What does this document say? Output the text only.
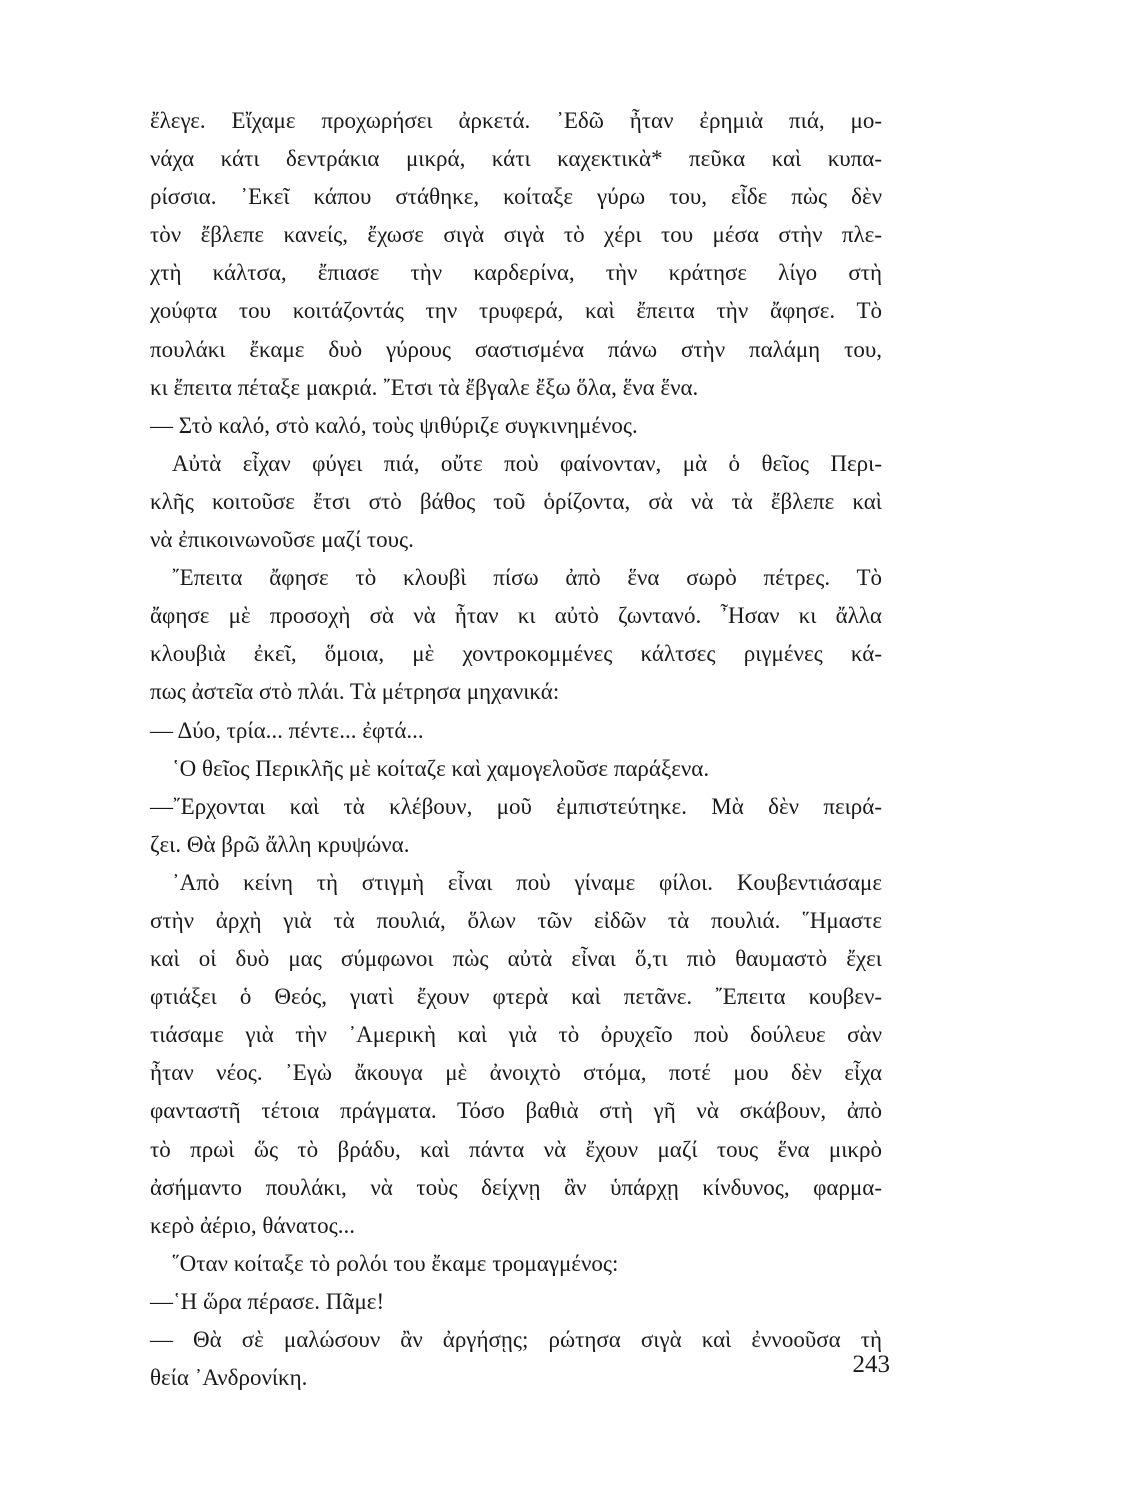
ἔλεγε. Εἴχαμε προχωρήσει ἀρκετά. ᾿Εδῶ ἦταν ἐρημιὰ πιά, μο-
νάχα κάτι δεντράκια μικρά, κάτι καχεκτικὰ* πεῦκα καὶ κυπα-
ρίσσια. ᾿Εκεῖ κάπου στάθηκε, κοίταξε γύρω του, εἶδε πὼς δὲν
τὸν ἔβλεπε κανείς, ἔχωσε σιγὰ σιγὰ τὸ χέρι του μέσα στὴν πλε-
χτὴ κάλτσα, ἔπιασε τὴν καρδερίνα, τὴν κράτησε λίγο στὴ
χούφτα του κοιτάζοντάς την τρυφερά, καὶ ἔπειτα τὴν ἄφησε. Τὸ
πουλάκι ἔκαμε δυὸ γύρους σαστισμένα πάνω στὴν παλάμη του,
κι ἔπειτα πέταξε μακριά. ῎Ετσι τὰ ἔβγαλε ἔξω ὅλα, ἕνα ἕνα.
— Στὸ καλό, στὸ καλό, τοὺς ψιθύριζε συγκινημένος.
Αὐτὰ εἶχαν φύγει πιά, οὔτε ποὺ φαίνονταν, μὰ ὁ θεῖος Περι-
κλῆς κοιτοῦσε ἔτσι στὸ βάθος τοῦ ὁρίζοντα, σὰ νὰ τὰ ἔβλεπε καὶ
νὰ ἐπικοινωνοῦσε μαζί τους.
῎Επειτα ἄφησε τὸ κλουβὶ πίσω ἀπὸ ἕνα σωρὸ πέτρες. Τὸ
ἄφησε μὲ προσοχὴ σὰ νὰ ἦταν κι αὐτὸ ζωντανό. ῏Ησαν κι ἄλλα
κλουβιὰ ἐκεῖ, ὅμοια, μὲ χοντροκομμένες κάλτσες ριγμένες κά-
πως ἀστεῖα στὸ πλάι. Τὰ μέτρησα μηχανικά:
— Δύο, τρία... πέντε... ἐφτά...
῾Ο θεῖος Περικλῆς μὲ κοίταζε καὶ χαμογελοῦσε παράξενα.
—῎Ερχονται καὶ τὰ κλέβουν, μοῦ ἐμπιστεύτηκε. Μὰ δὲν πειρά-
ζει. Θὰ βρῶ ἄλλη κρυψώνα.
᾿Απὸ κείνη τὴ στιγμὴ εἶναι ποὺ γίναμε φίλοι. Κουβεντιάσαμε
στὴν ἀρχὴ γιὰ τὰ πουλιά, ὅλων τῶν εἰδῶν τὰ πουλιά. ῞Ημαστε
καὶ οἱ δυὸ μας σύμφωνοι πὼς αὐτὰ εἶναι ὅ,τι πιὸ θαυμαστὸ ἔχει
φτιάξει ὁ Θεός, γιατὶ ἔχουν φτερὰ καὶ πετᾶνε. ῎Επειτα κουβεν-
τιάσαμε γιὰ τὴν ᾿Αμερικὴ καὶ γιὰ τὸ ὀρυχεῖο ποὺ δούλευε σὰν
ἦταν νέος. ᾿Εγὼ ἄκουγα μὲ ἀνοιχτὸ στόμα, ποτέ μου δὲν εἶχα
φανταστῆ τέτοια πράγματα. Τόσο βαθιὰ στὴ γῆ νὰ σκάβουν, ἀπὸ
τὸ πρωὶ ὥς τὸ βράδυ, καὶ πάντα νὰ ἔχουν μαζί τους ἕνα μικρὸ
ἀσήμαντο πουλάκι, νὰ τοὺς δείχνῃ ἂν ὑπάρχῃ κίνδυνος, φαρμα-
κερὸ ἀέριο, θάνατος...
῞Οταν κοίταξε τὸ ρολόι του ἔκαμε τρομαγμένος:
—῾Η ὥρα πέρασε. Πᾶμε!
— Θὰ σὲ μαλώσουν ἂν ἀργήσῃς; ρώτησα σιγὰ καὶ ἐννοοῦσα τὴ
θεία ᾿Ανδρονίκη.	243
